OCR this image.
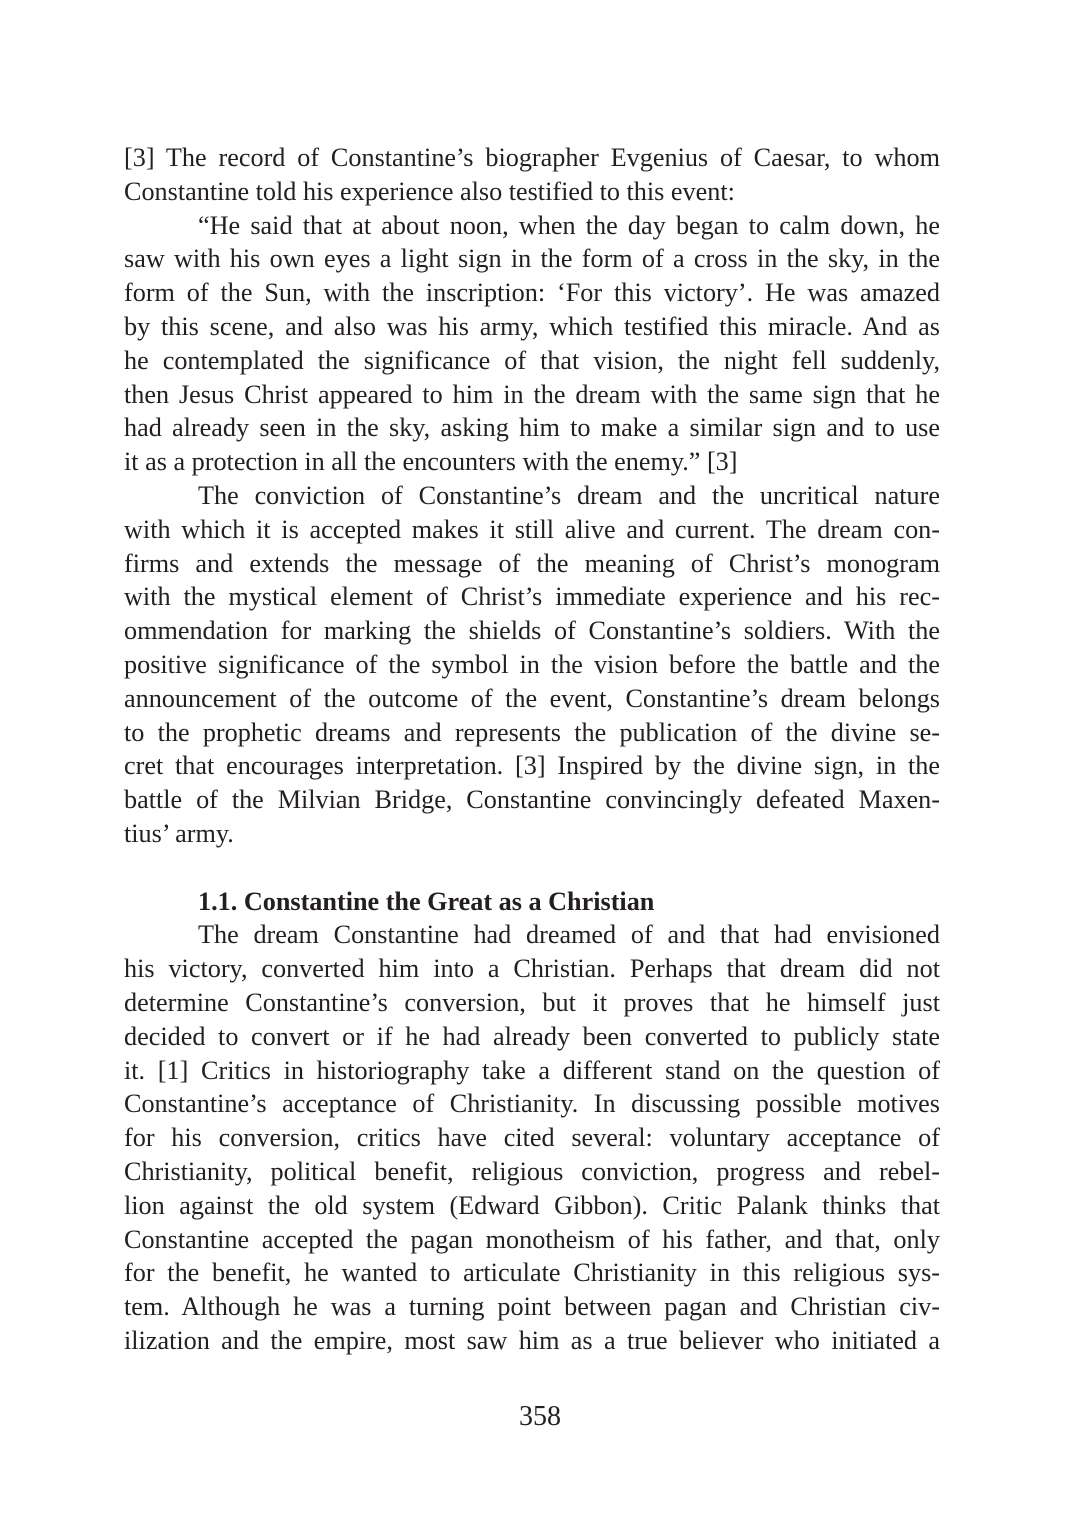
[3] The record of Constantine’s biographer Evgenius of Caesar, to whom
Constantine told his experience also testified to this event:
“He said that at about noon, when the day began to calm down, he
saw with his own eyes a light sign in the form of a cross in the sky, in the
form of the Sun, with the inscription: ‘For this victory’. He was amazed
by this scene, and also was his army, which testified this miracle. And as
he contemplated the significance of that vision, the night fell suddenly,
then Jesus Christ appeared to him in the dream with the same sign that he
had already seen in the sky, asking him to make a similar sign and to use
it as a protection in all the encounters with the enemy.” [3]
The conviction of Constantine’s dream and the uncritical nature
with which it is accepted makes it still alive and current. The dream con-
firms and extends the message of the meaning of Christ’s monogram
with the mystical element of Christ’s immediate experience and his rec-
ommendation for marking the shields of Constantine’s soldiers. With the
positive significance of the symbol in the vision before the battle and the
announcement of the outcome of the event, Constantine’s dream belongs
to the prophetic dreams and represents the publication of the divine se-
cret that encourages interpretation. [3] Inspired by the divine sign, in the
battle of the Milvian Bridge, Constantine convincingly defeated Maxen-
tius’ army.
1.1. Constantine the Great as a Christian
The dream Constantine had dreamed of and that had envisioned
his victory, converted him into a Christian. Perhaps that dream did not
determine Constantine’s conversion, but it proves that he himself just
decided to convert or if he had already been converted to publicly state
it. [1] Critics in historiography take a different stand on the question of
Constantine’s acceptance of Christianity. In discussing possible motives
for his conversion, critics have cited several: voluntary acceptance of
Christianity, political benefit, religious conviction, progress and rebel-
lion against the old system (Edward Gibbon). Critic Palank thinks that
Constantine accepted the pagan monotheism of his father, and that, only
for the benefit, he wanted to articulate Christianity in this religious sys-
tem. Although he was a turning point between pagan and Christian civ-
ilization and the empire, most saw him as a true believer who initiated a
358
